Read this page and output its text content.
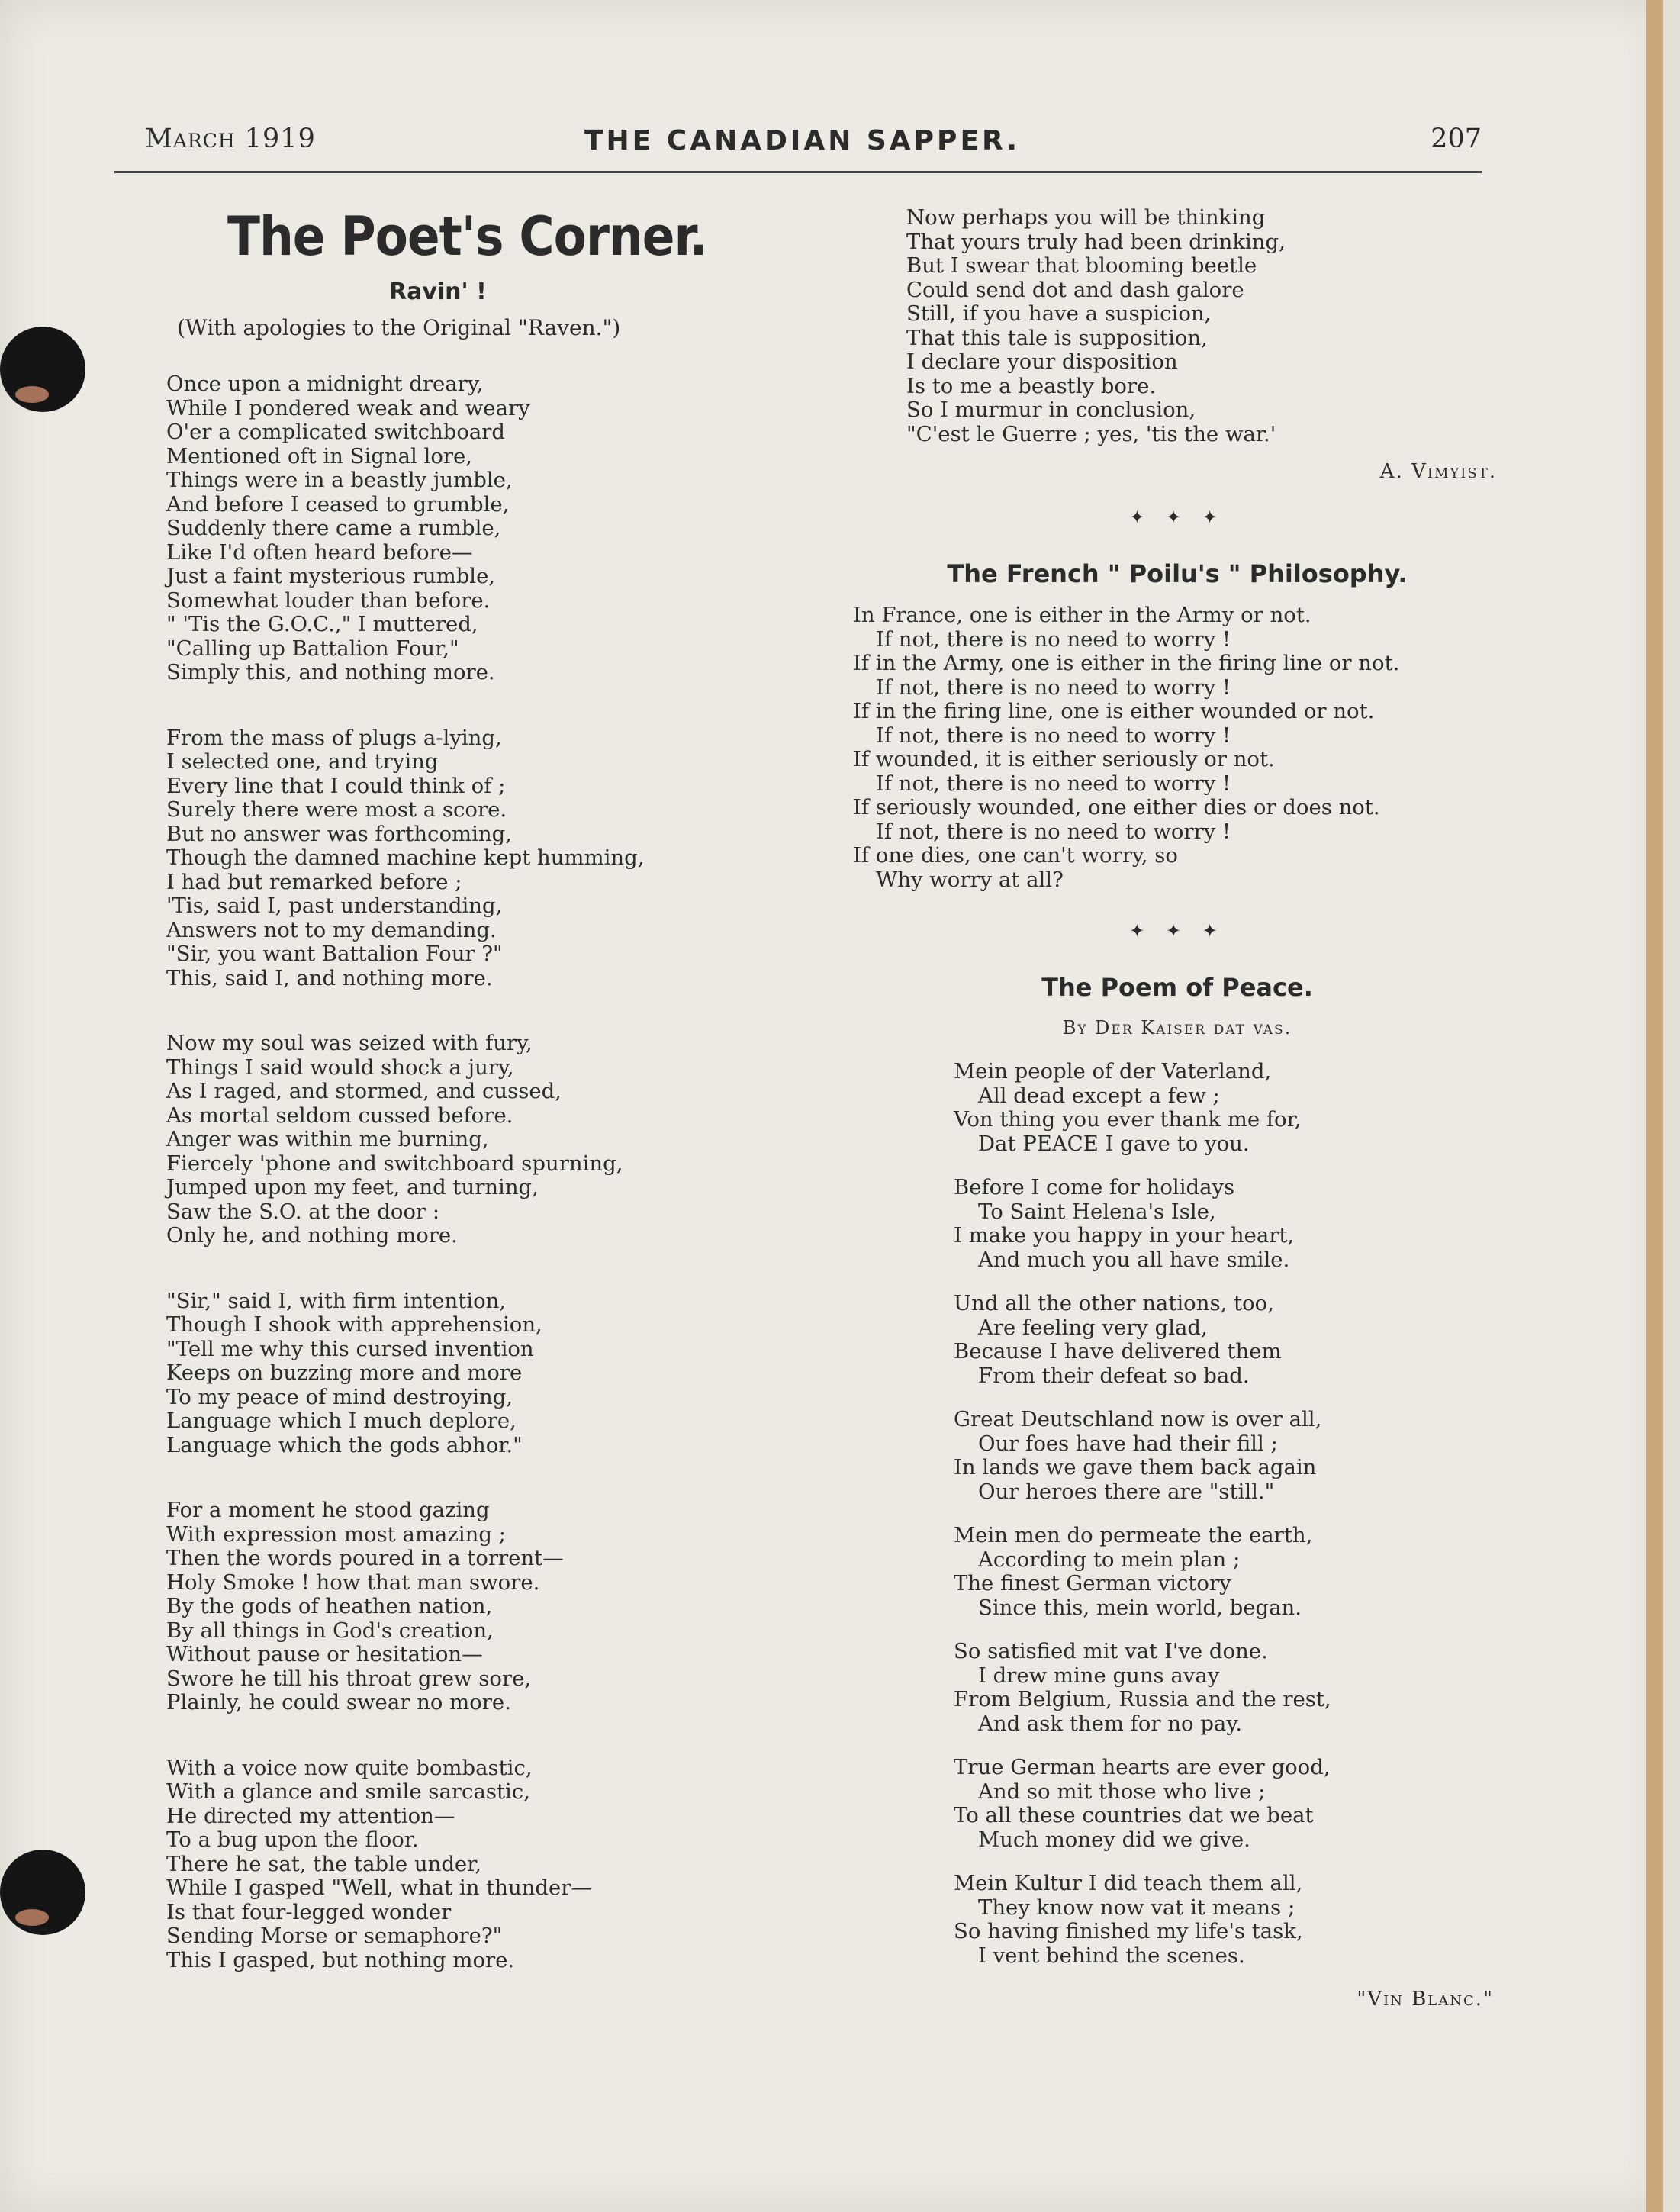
March 1919	THE CANADIAN SAPPER.	207
The Poet's Corner.
Ravin' !
(With apologies to the Original "Raven.")
Once upon a midnight dreary,
While I pondered weak and weary
O'er a complicated switchboard
Mentioned oft in Signal lore,
Things were in a beastly jumble,
And before I ceased to grumble,
Suddenly there came a rumble,
Like I'd often heard before—
Just a faint mysterious rumble,
Somewhat louder than before.
" 'Tis the G.O.C.," I muttered,
"Calling up Battalion Four,"
Simply this, and nothing more.
From the mass of plugs a-lying,
I selected one, and trying
Every line that I could think of ;
Surely there were most a score.
But no answer was forthcoming,
Though the damned machine kept humming,
I had but remarked before ;
'Tis, said I, past understanding,
Answers not to my demanding.
"Sir, you want Battalion Four ?"
This, said I, and nothing more.
Now my soul was seized with fury,
Things I said would shock a jury,
As I raged, and stormed, and cussed,
As mortal seldom cussed before.
Anger was within me burning,
Fiercely 'phone and switchboard spurning,
Jumped upon my feet, and turning,
Saw the S.O. at the door :
Only he, and nothing more.
"Sir," said I, with firm intention,
Though I shook with apprehension,
"Tell me why this cursed invention
Keeps on buzzing more and more
To my peace of mind destroying,
Language which I much deplore,
Language which the gods abhor."
For a moment he stood gazing
With expression most amazing ;
Then the words poured in a torrent—
Holy Smoke ! how that man swore.
By the gods of heathen nation,
By all things in God's creation,
Without pause or hesitation—
Swore he till his throat grew sore,
Plainly, he could swear no more.
With a voice now quite bombastic,
With a glance and smile sarcastic,
He directed my attention—
To a bug upon the floor.
There he sat, the table under,
While I gasped "Well, what in thunder—
Is that four-legged wonder
Sending Morse or semaphore?"
This I gasped, but nothing more.
Now perhaps you will be thinking
That yours truly had been drinking,
But I swear that blooming beetle
Could send dot and dash galore
Still, if you have a suspicion,
That this tale is supposition,
I declare your disposition
Is to me a beastly bore.
So I murmur in conclusion,
"C'est le Guerre ; yes, 'tis the war.'
A. Vimyist.
✦ ✦ ✦
The French " Poilu's " Philosophy.
In France, one is either in the Army or not.
If not, there is no need to worry !
If in the Army, one is either in the firing line or not.
If not, there is no need to worry !
If in the firing line, one is either wounded or not.
If not, there is no need to worry !
If wounded, it is either seriously or not.
If not, there is no need to worry !
If seriously wounded, one either dies or does not.
If not, there is no need to worry !
If one dies, one can't worry, so
Why worry at all?
✦ ✦ ✦
The Poem of Peace.
By Der Kaiser dat vas.
Mein people of der Vaterland,
All dead except a few ;
Von thing you ever thank me for,
Dat PEACE I gave to you.
Before I come for holidays
To Saint Helena's Isle,
I make you happy in your heart,
And much you all have smile.
Und all the other nations, too,
Are feeling very glad,
Because I have delivered them
From their defeat so bad.
Great Deutschland now is over all,
Our foes have had their fill ;
In lands we gave them back again
Our heroes there are "still."
Mein men do permeate the earth,
According to mein plan ;
The finest German victory
Since this, mein world, began.
So satisfied mit vat I've done.
I drew mine guns avay
From Belgium, Russia and the rest,
And ask them for no pay.
True German hearts are ever good,
And so mit those who live ;
To all these countries dat we beat
Much money did we give.
Mein Kultur I did teach them all,
They know now vat it means ;
So having finished my life's task,
I vent behind the scenes.
"Vin Blanc."
